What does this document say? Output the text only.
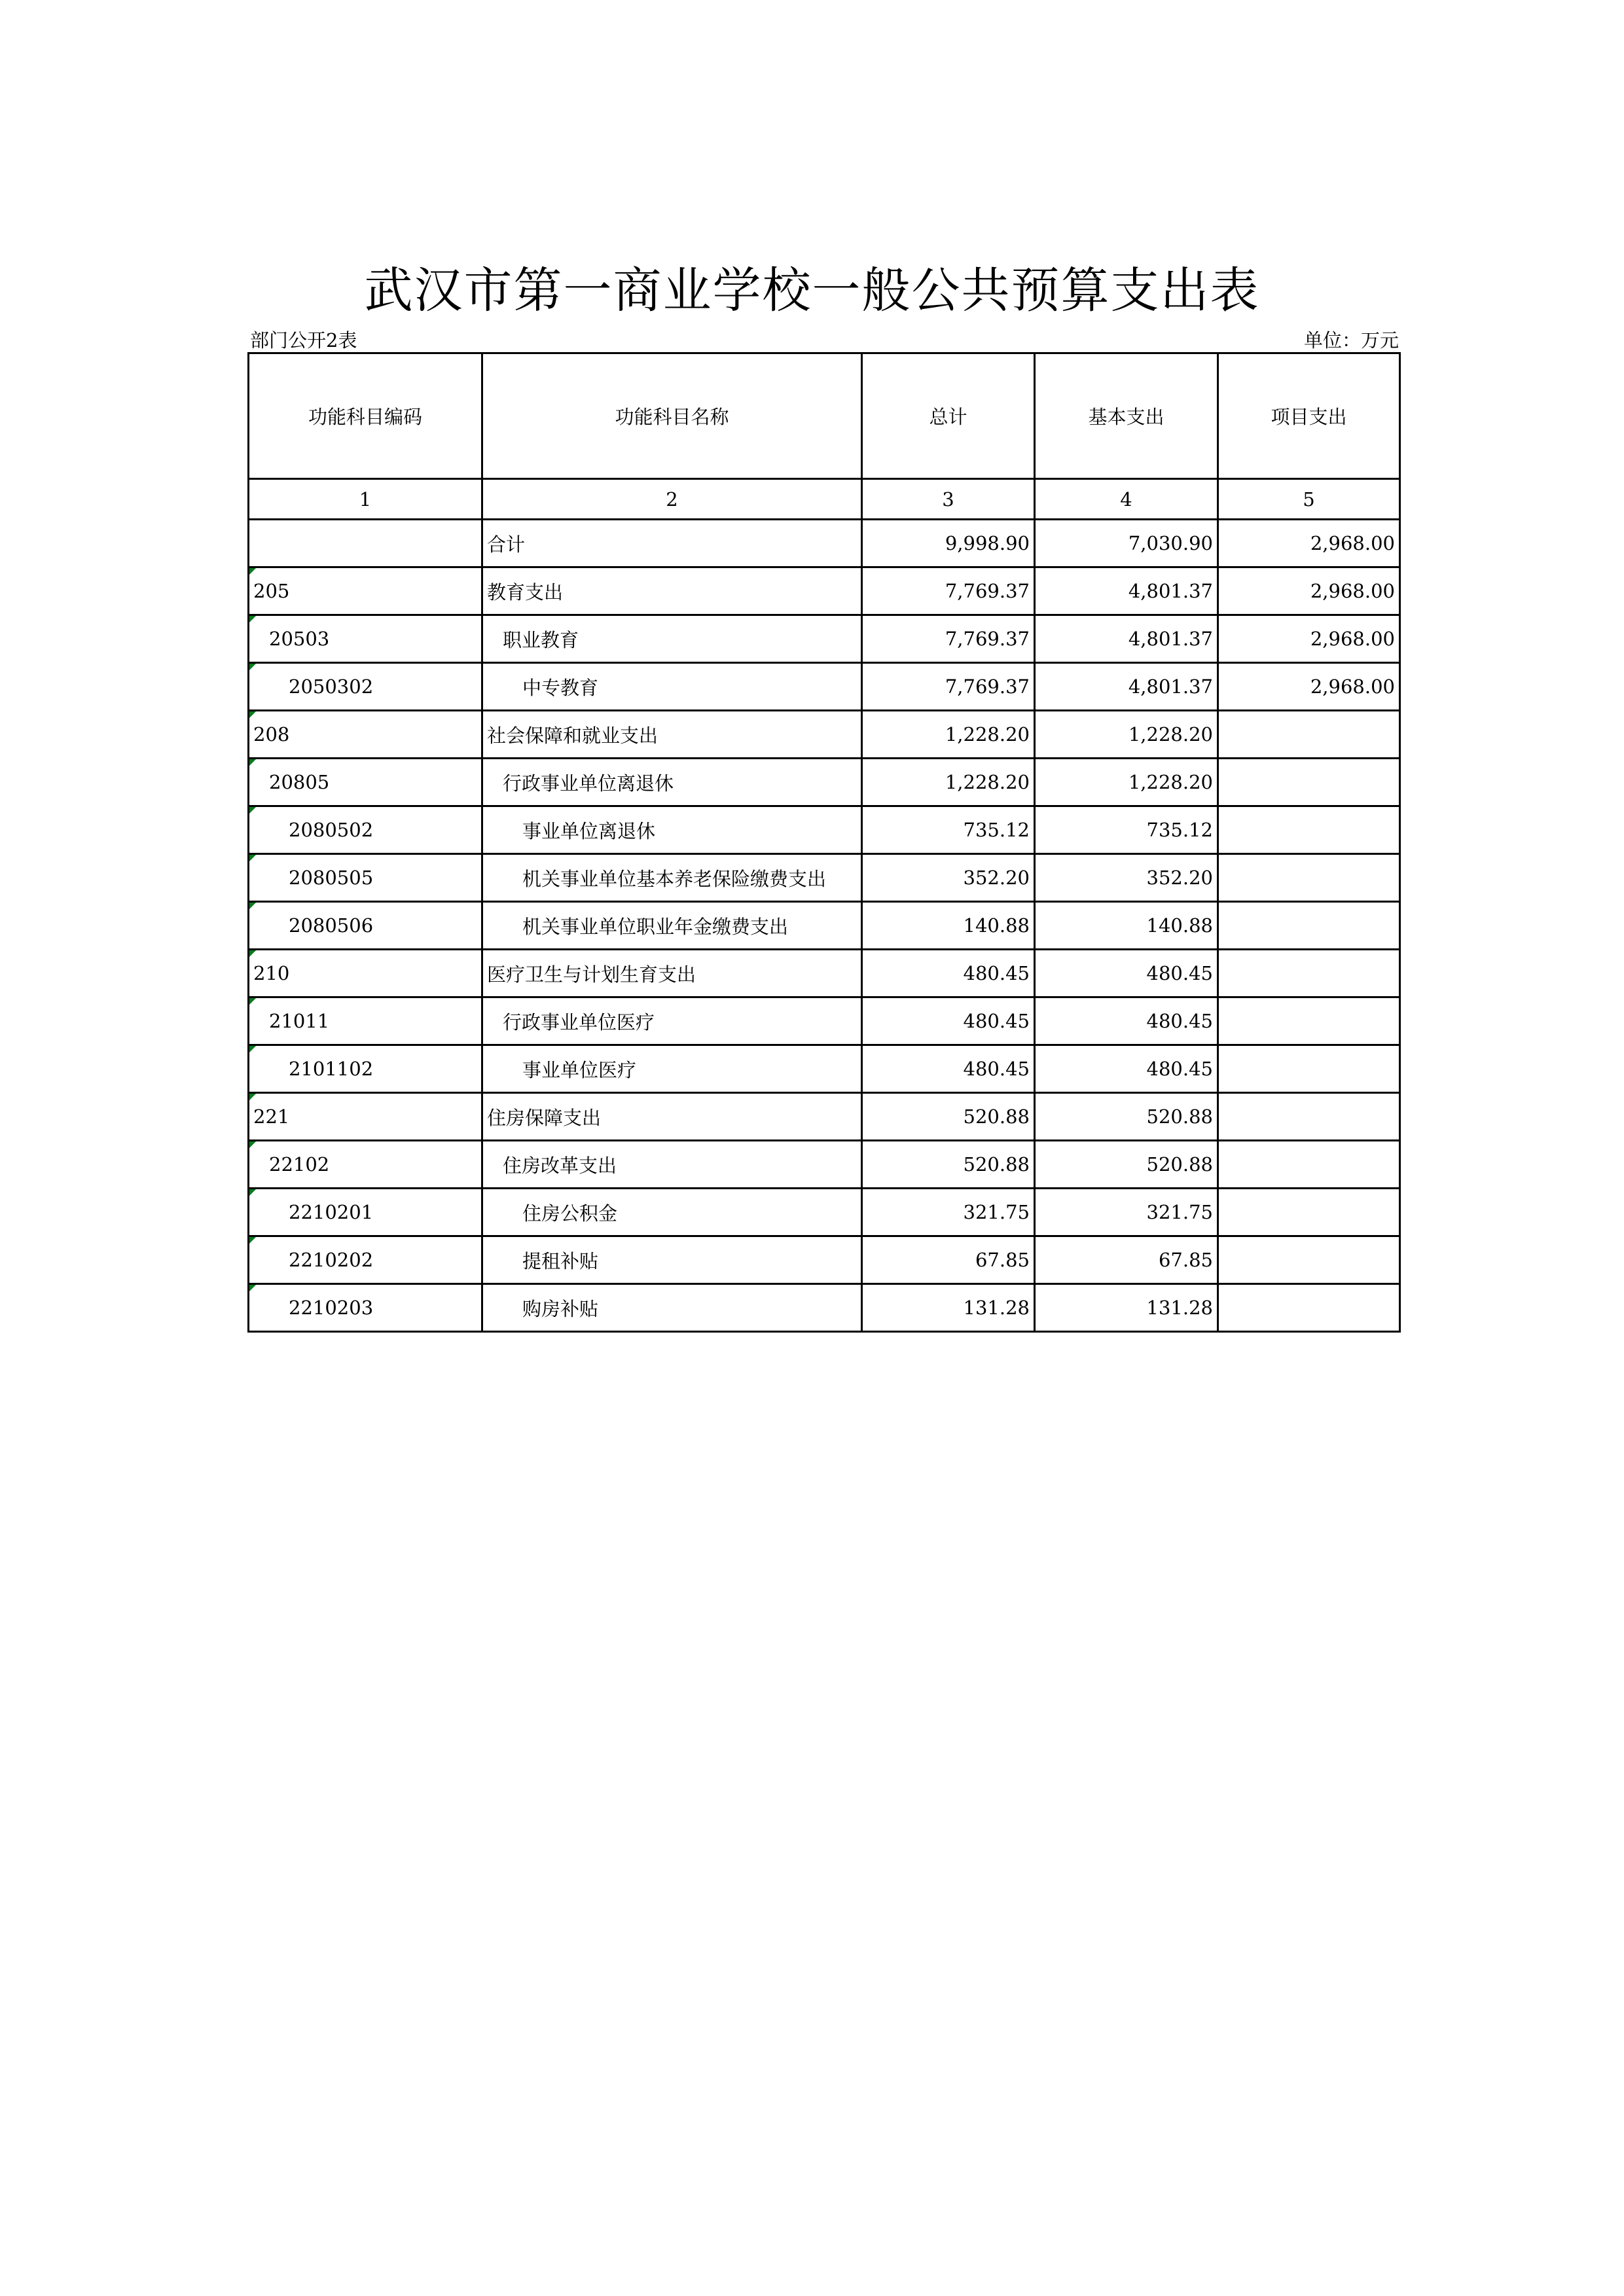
武汉市第一商业学校一般公共预算支出表
部门公开2表	单位：万元
功能科目编码	功能科目名称	总计	基本支出	项目支出
1	2	3	4	5
	合计	9,998.90	7,030.90	2,968.00
205	教育支出	7,769.37	4,801.37	2,968.00
20503	职业教育	7,769.37	4,801.37	2,968.00
2050302	中专教育	7,769.37	4,801.37	2,968.00
208	社会保障和就业支出	1,228.20	1,228.20	
20805	行政事业单位离退休	1,228.20	1,228.20	
2080502	事业单位离退休	735.12	735.12	
2080505	机关事业单位基本养老保险缴费支出	352.20	352.20	
2080506	机关事业单位职业年金缴费支出	140.88	140.88	
210	医疗卫生与计划生育支出	480.45	480.45	
21011	行政事业单位医疗	480.45	480.45	
2101102	事业单位医疗	480.45	480.45	
221	住房保障支出	520.88	520.88	
22102	住房改革支出	520.88	520.88	
2210201	住房公积金	321.75	321.75	
2210202	提租补贴	67.85	67.85	
2210203	购房补贴	131.28	131.28	
